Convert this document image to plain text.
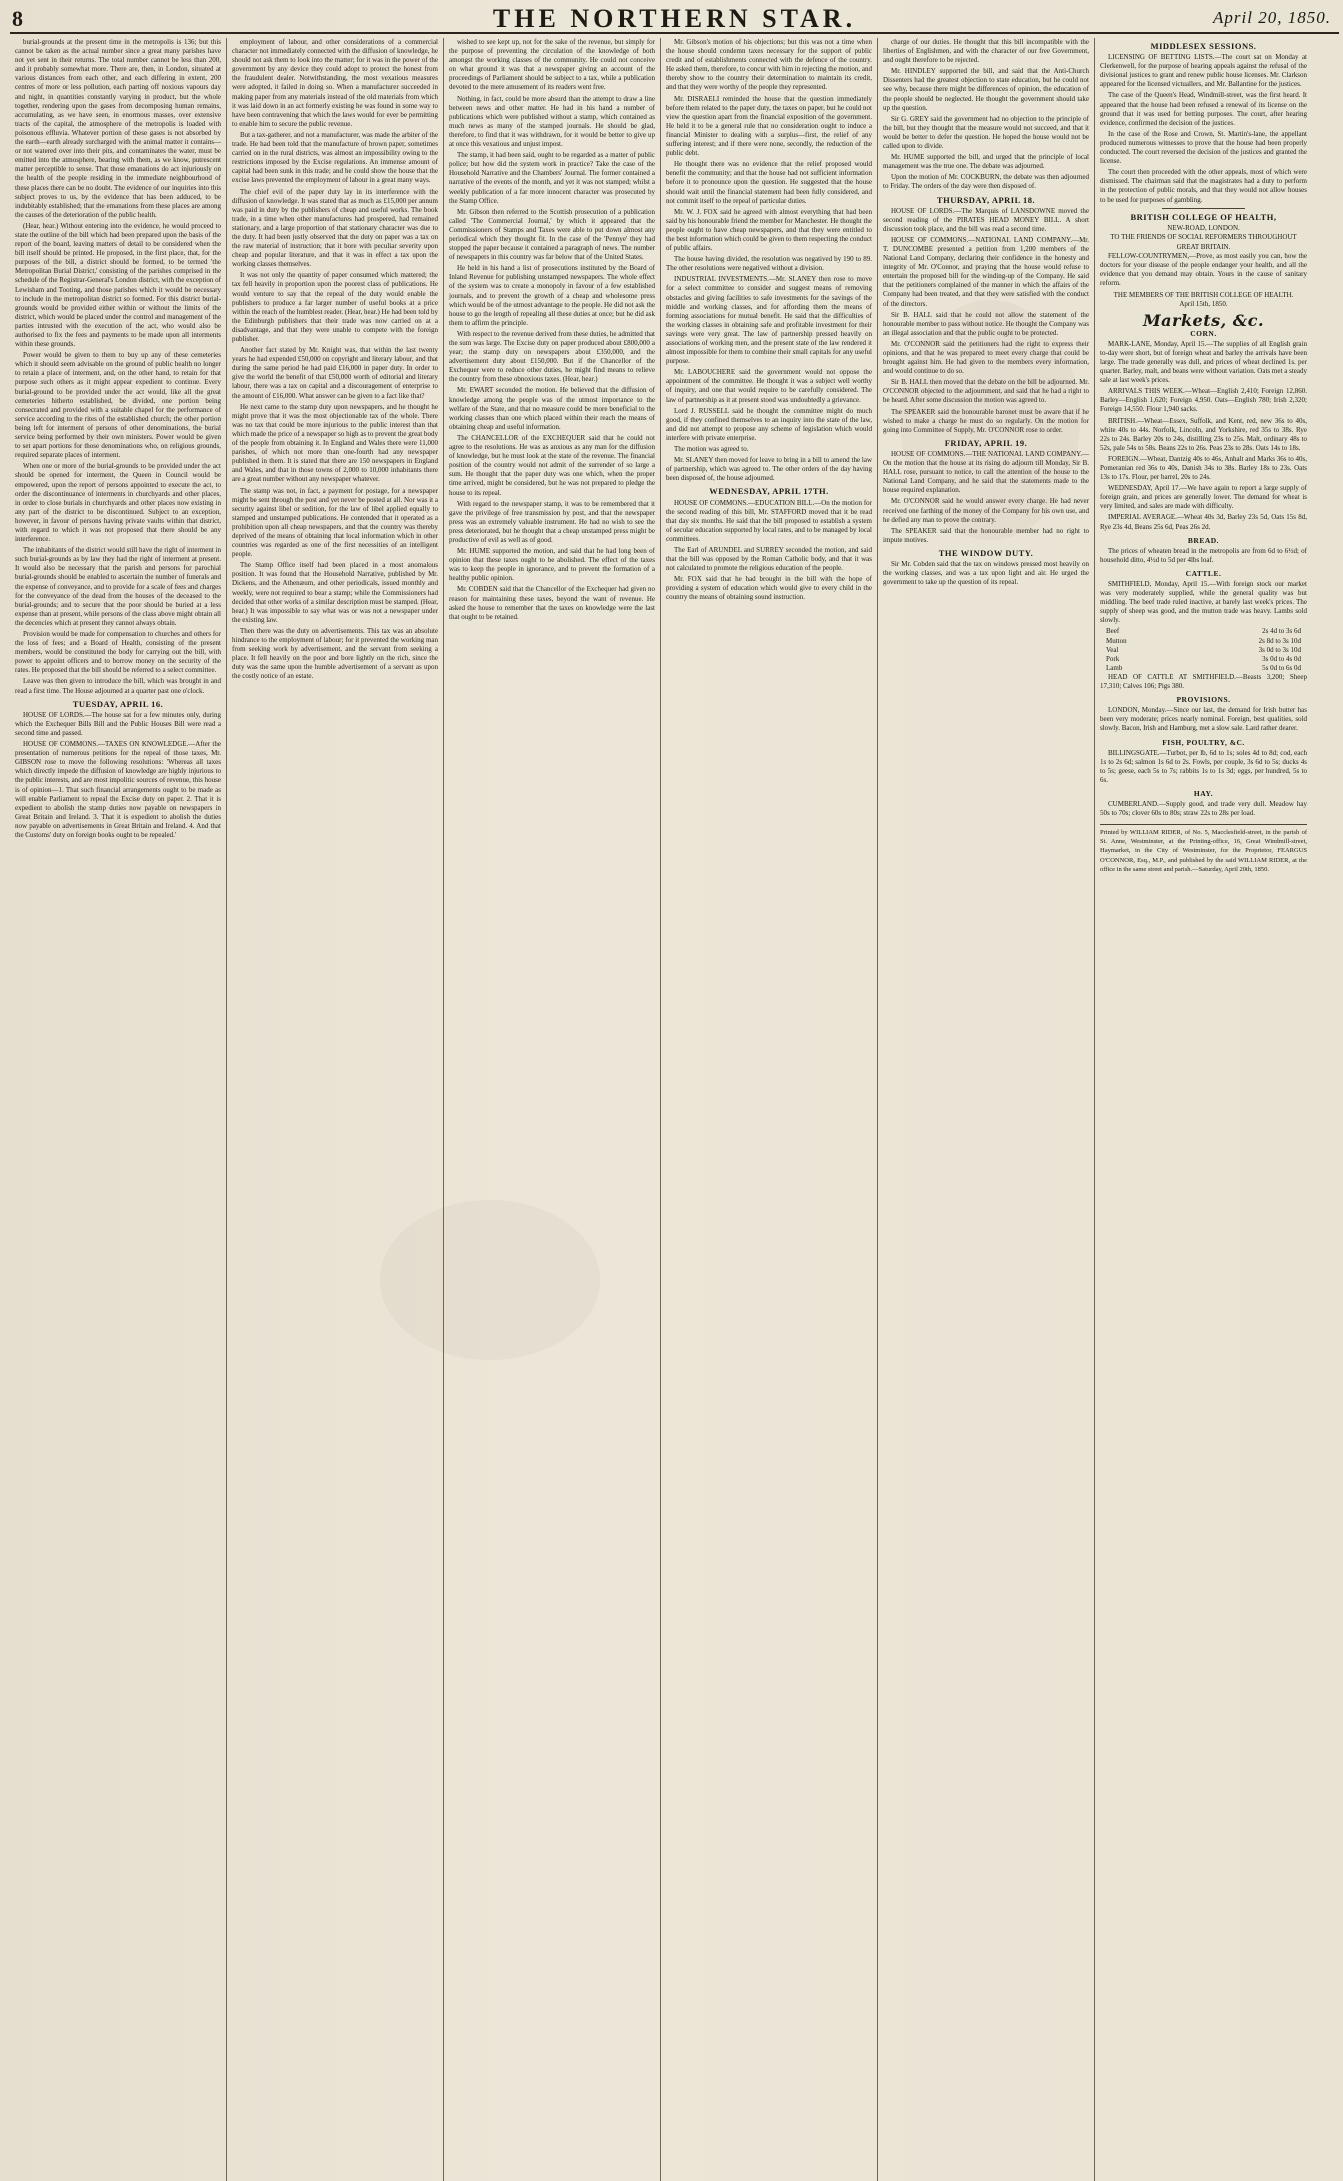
8	THE NORTHERN STAR.	April 20, 1850.

burial-grounds at the present time in the metropolis is 136; but this cannot be taken as the actual number since a great many parishes have not yet sent in their returns. The total number cannot be less than 200, and it probably somewhat more. There are, then, in London, situated at various distances from each other, and each differing in extent, 200 centres of more or less pollution, each parting off noxious vapours day and night, in quantities constantly varying in product, but the whole together, rendering upon the gases from decomposing human remains, accumulating, as we have seen, in enormous masses, over extensive tracts of the capital, the atmosphere of the metropolis is loaded with poisonous effluvia. Whatever portion of these gases is not absorbed by the earth—earth already surcharged with the animal matter it contains—or not watered over into their pits, and contaminates the water, must be emitted into the atmosphere, bearing with them, as we know, putrescent matter perceptible to sense. That those emanations do act injuriously on the health of the people residing in the immediate neighbourhood of these places there can be no doubt. The evidence of our inquiries into this subject proves to us, by the evidence that has been adduced, to be indubitably established; that the emanations from these places are among the causes of the deterioration of the public health.

(Hear, hear.) Without entering into the evidence, he would proceed to state the outline of the bill which had been prepared upon the basis of the report of the board, leaving matters of detail to be considered when the bill itself should be printed. He proposed, in the first place, that, for the purposes of the bill, a district should be formed, to be termed 'the Metropolitan Burial District,' consisting of the parishes comprised in the schedule of the Registrar-General's London district, with the exception of Lewisham and Tooting, and those parishes which it would be necessary to include in the metropolitan district so formed. For this district burial-grounds would be provided either within or without the limits of the district, which would be placed under the control and management of the parties intrusted with the execution of the act, who would also be authorised to fix the fees and payments to be made upon all interments within these grounds.

Power would be given to them to buy up any of these cemeteries which it should seem advisable on the ground of public health no longer to retain a place of interment, and, on the other hand, to retain for that purpose such others as it might appear expedient to continue. Every burial-ground to be provided under the act would, like all the great cemeteries hitherto established, be divided, one portion being consecrated and provided with a suitable chapel for the performance of service according to the rites of the established church; the other portion being left for interment of persons of other denominations, the burial service being performed by their own ministers. Power would be given to set apart portions for those denominations who, on religious grounds, required separate places of interment.

When one or more of the burial-grounds to be provided under the act should be opened for interment, the Queen in Council would be empowered, upon the report of persons appointed to execute the act, to order the discontinuance of interments in churchyards and other places, in order to close burials in churchyards and other places now existing in any part of the district to be discontinued. Subject to an exception, however, in favour of persons having private vaults within that district, with regard to which it was not proposed that there should be any interference.

The inhabitants of the district would still have the right of interment in such burial-grounds as by law they had the right of interment at present. It would also be necessary that the parish and persons for parochial burial-grounds should be enabled to ascertain the number of funerals and the expense of conveyance, and to provide for a scale of fees and charges for the conveyance of the dead from the houses of the deceased to the burial-grounds; and to secure that the poor should be buried at a less expense than at present, while persons of the class above might obtain all the decencies which at present they cannot always obtain.

Provision would be made for compensation to churches and others for the loss of fees; and a Board of Health, consisting of the present members, would be constituted the body for carrying out the bill, with power to appoint officers and to borrow money on the security of the rates. He proposed that the bill should be referred to a select committee.

Leave was then given to introduce the bill, which was brought in and read a first time. The House adjourned at a quarter past one o'clock.

TUESDAY, APRIL 16.

HOUSE OF LORDS.—The house sat for a few minutes only, during which the Exchequer Bills Bill and the Public Houses Bill were read a second time and passed.

HOUSE OF COMMONS.—TAXES ON KNOWLEDGE.—After the presentation of numerous petitions for the repeal of those taxes, Mr. GIBSON rose to move the following resolutions: 'Whereas all taxes which directly impede the diffusion of knowledge are highly injurious to the public interests, and are most impolitic sources of revenue, this house is of opinion—1. That such financial arrangements ought to be made as will enable Parliament to repeal the Excise duty on paper. 2. That it is expedient to abolish the stamp duties now payable on newspapers in Great Britain and Ireland. 3. That it is expedient to abolish the duties now payable on advertisements in Great Britain and Ireland. 4. And that the Customs' duty on foreign books ought to be repealed.'

employment of labour, and other considerations of a commercial character not immediately connected with the diffusion of knowledge, he should not ask them to look into the matter; for it was in the power of the government by any device they could adopt to protect the honest from the fraudulent dealer. Notwithstanding, the most vexatious measures were adopted, it failed in doing so. When a manufacturer succeeded in making paper from any materials instead of the old materials from which it was laid down in an act formerly existing he was found in some way to have been contravening that which the laws would for ever be permitting to enable him to secure the public revenue.

But a tax-gatherer, and not a manufacturer, was made the arbiter of the trade. He had been told that the manufacture of brown paper, sometimes carried on in the rural districts, was almost an impossibility owing to the restrictions imposed by the Excise regulations. An immense amount of capital had been sunk in this trade; and he could show the house that the excise laws prevented the employment of labour in a great many ways.

The chief evil of the paper duty lay in its interference with the diffusion of knowledge. It was stated that as much as £15,000 per annum was paid in duty by the publishers of cheap and useful works. The book trade, in a time when other manufactures had prospered, had remained stationary, and a large proportion of that stationary character was due to the duty. It had been justly observed that the duty on paper was a tax on the raw material of instruction; that it bore with peculiar severity upon cheap and popular literature, and that it was in effect a tax upon the working classes themselves.

It was not only the quantity of paper consumed which mattered; the tax fell heavily in proportion upon the poorest class of publications. He would venture to say that the repeal of the duty would enable the publishers to produce a far larger number of useful books at a price within the reach of the humblest reader. (Hear, hear.) He had been told by the Edinburgh publishers that their trade was now carried on at a disadvantage, and that they were unable to compete with the foreign publisher.

Another fact stated by Mr. Knight was, that within the last twenty years he had expended £50,000 on copyright and literary labour, and that during the same period he had paid £16,000 in paper duty. In order to give the world the benefit of that £50,000 worth of editorial and literary labour, there was a tax on capital and a discouragement of enterprise to the amount of £16,000. What answer can be given to a fact like that?

He next came to the stamp duty upon newspapers, and he thought he might prove that it was the most objectionable tax of the whole. There was no tax that could be more injurious to the public interest than that which made the price of a newspaper so high as to prevent the great body of the people from obtaining it. In England and Wales there were 11,000 parishes, of which not more than one-fourth had any newspaper published in them. It is stated that there are 150 newspapers in England and Wales, and that in those towns of 2,000 to 10,000 inhabitants there are a great number without any newspaper whatever.

The stamp was not, in fact, a payment for postage, for a newspaper might be sent through the post and yet never be posted at all. Nor was it a security against libel or sedition, for the law of libel applied equally to stamped and unstamped publications. He contended that it operated as a prohibition upon all cheap newspapers, and that the country was thereby deprived of the means of obtaining that local information which in other countries was regarded as one of the first necessities of an intelligent people.

The Stamp Office itself had been placed in a most anomalous position. It was found that the Household Narrative, published by Mr. Dickens, and the Athenæum, and other periodicals, issued monthly and weekly, were not required to bear a stamp; while the Commissioners had decided that other works of a similar description must be stamped. (Hear, hear.) It was impossible to say what was or was not a newspaper under the existing law.

Then there was the duty on advertisements. This tax was an absolute hindrance to the employment of labour; for it prevented the working man from seeking work by advertisement, and the servant from seeking a place. It fell heavily on the poor and bore lightly on the rich, since the duty was the same upon the humble advertisement of a servant as upon the costly notice of an estate.

wished to see kept up, not for the sake of the revenue, but simply for the purpose of preventing the circulation of the knowledge of both amongst the working classes of the community. He could not conceive on what ground it was that a newspaper giving an account of the proceedings of Parliament should be subject to a tax, while a publication devoted to the mere amusement of its readers went free.

Nothing, in fact, could be more absurd than the attempt to draw a line between news and other matter. He had in his hand a number of publications which were published without a stamp, which contained as much news as many of the stamped journals. He should be glad, therefore, to find that it was withdrawn, for it would be better to give up at once this vexatious and unjust impost.

The stamp, it had been said, ought to be regarded as a matter of public police; but how did the system work in practice? Take the case of the Household Narrative and the Chambers' Journal. The former contained a narrative of the events of the month, and yet it was not stamped; whilst a weekly publication of a far more innocent character was prosecuted by the Stamp Office.

Mr. Gibson then referred to the Scottish prosecution of a publication called 'The Commercial Journal,' by which it appeared that the Commissioners of Stamps and Taxes were able to put down almost any periodical which they thought fit. In the case of the 'Pennye' they had stopped the paper because it contained a paragraph of news. The number of newspapers in this country was far below that of the United States.

He held in his hand a list of prosecutions instituted by the Board of Inland Revenue for publishing unstamped newspapers. The whole effect of the system was to create a monopoly in favour of a few established journals, and to prevent the growth of a cheap and wholesome press which would be of the utmost advantage to the people. He did not ask the house to go the length of repealing all these duties at once; but he did ask them to affirm the principle.

With respect to the revenue derived from these duties, he admitted that the sum was large. The Excise duty on paper produced about £800,000 a year; the stamp duty on newspapers about £350,000, and the advertisement duty about £150,000. But if the Chancellor of the Exchequer were to reduce other duties, he might find means to relieve the country from these obnoxious taxes. (Hear, hear.)

Mr. EWART seconded the motion. He believed that the diffusion of knowledge among the people was of the utmost importance to the welfare of the State, and that no measure could be more beneficial to the working classes than one which placed within their reach the means of obtaining cheap and useful information.

The CHANCELLOR of the EXCHEQUER said that he could not agree to the resolutions. He was as anxious as any man for the diffusion of knowledge, but he must look at the state of the revenue. The financial position of the country would not admit of the surrender of so large a sum. He thought that the paper duty was one which, when the proper time arrived, might be considered, but he was not prepared to pledge the house to its repeal.

With regard to the newspaper stamp, it was to be remembered that it gave the privilege of free transmission by post, and that the newspaper press was an extremely valuable instrument. He had no wish to see the press deteriorated, but he thought that a cheap unstamped press might be productive of evil as well as of good.

Mr. HUME supported the motion, and said that he had long been of opinion that these taxes ought to be abolished. The effect of the taxes was to keep the people in ignorance, and to prevent the formation of a healthy public opinion.

Mr. COBDEN said that the Chancellor of the Exchequer had given no reason for maintaining these taxes, beyond the want of revenue. He asked the house to remember that the taxes on knowledge were the last that ought to be retained.

Mr. Gibson's motion of his objections; but this was not a time when the house should condemn taxes necessary for the support of public credit and of establishments connected with the defence of the country. He asked them, therefore, to concur with him in rejecting the motion, and thereby show to the country their determination to maintain its credit, and that they were worthy of the people they represented.

Mr. DISRAELI reminded the house that the question immediately before them related to the paper duty, the taxes on paper, but he could not view the question apart from the financial exposition of the government. He held it to be a general rule that no consideration ought to induce a financial Minister to dealing with a surplus—first, the relief of any suffering interest; and if there were none, secondly, the reduction of the public debt.

He thought there was no evidence that the relief proposed would benefit the community; and that the house had not sufficient information before it to pronounce upon the question. He suggested that the house should wait until the financial statement had been fully considered, and not commit itself to the repeal of particular duties.

Mr. W. J. FOX said he agreed with almost everything that had been said by his honourable friend the member for Manchester. He thought the people ought to have cheap newspapers, and that they were entitled to the best information which could be given to them respecting the conduct of public affairs.

The house having divided, the resolution was negatived by 190 to 89. The other resolutions were negatived without a division.

INDUSTRIAL INVESTMENTS.—Mr. SLANEY then rose to move for a select committee to consider and suggest means of removing obstacles and giving facilities to safe investments for the savings of the middle and working classes, and for affording them the means of forming associations for mutual benefit. He said that the difficulties of the working classes in obtaining safe and profitable investment for their savings were very great. The law of partnership pressed heavily on associations of working men, and the present state of the law rendered it almost impossible for them to combine their small capitals for any useful purpose.

Mr. LABOUCHERE said the government would not oppose the appointment of the committee. He thought it was a subject well worthy of inquiry, and one that would require to be carefully considered. The law of partnership as it at present stood was undoubtedly a grievance.

Lord J. RUSSELL said he thought the committee might do much good, if they confined themselves to an inquiry into the state of the law, and did not attempt to propose any scheme of legislation which would interfere with private enterprise.

The motion was agreed to.

Mr. SLANEY then moved for leave to bring in a bill to amend the law of partnership, which was agreed to. The other orders of the day having been disposed of, the house adjourned.

WEDNESDAY, APRIL 17TH.

HOUSE OF COMMONS.—EDUCATION BILL.—On the motion for the second reading of this bill, Mr. STAFFORD moved that it be read that day six months. He said that the bill proposed to establish a system of secular education supported by local rates, and to be managed by local committees.

The Earl of ARUNDEL and SURREY seconded the motion, and said that the bill was opposed by the Roman Catholic body, and that it was not calculated to promote the religious education of the people.

Mr. FOX said that he had brought in the bill with the hope of providing a system of education which would give to every child in the country the means of obtaining sound instruction.

charge of our duties. He thought that this bill incompatible with the liberties of Englishmen, and with the character of our free Government, and ought therefore to be rejected.

Mr. HINDLEY supported the bill, and said that the Anti-Church Dissenters had the greatest objection to state education, but he could not see why, because there might be differences of opinion, the education of the people should be neglected. He thought the government should take up the question.

Sir G. GREY said the government had no objection to the principle of the bill, but they thought that the measure would not succeed, and that it would be better to defer the question. He hoped the house would not be called upon to divide.

Mr. HUME supported the bill, and urged that the principle of local management was the true one. The debate was adjourned.

Upon the motion of Mr. COCKBURN, the debate was then adjourned to Friday. The orders of the day were then disposed of.

THURSDAY, APRIL 18.

HOUSE OF LORDS.—The Marquis of LANSDOWNE moved the second reading of the PIRATES HEAD MONEY BILL. A short discussion took place, and the bill was read a second time.

HOUSE OF COMMONS.—NATIONAL LAND COMPANY.—Mr. T. DUNCOMBE presented a petition from 1,200 members of the National Land Company, declaring their confidence in the honesty and integrity of Mr. O'Connor, and praying that the house would refuse to entertain the proposed bill for the winding-up of the Company. He said that the petitioners complained of the manner in which the affairs of the Company had been treated, and that they were satisfied with the conduct of the directors.

Sir B. HALL said that he could not allow the statement of the honourable member to pass without notice. He thought the Company was an illegal association and that the public ought to be protected.

Mr. O'CONNOR said the petitioners had the right to express their opinions, and that he was prepared to meet every charge that could be brought against him. He had given to the members every information, and would continue to do so.

Sir B. HALL then moved that the debate on the bill be adjourned. Mr. O'CONNOR objected to the adjournment, and said that he had a right to be heard. After some discussion the motion was agreed to.

The SPEAKER said the honourable baronet must be aware that if he wished to make a charge he must do so regularly. On the motion for going into Committee of Supply, Mr. O'CONNOR rose to order.

FRIDAY, APRIL 19.

HOUSE OF COMMONS.—THE NATIONAL LAND COMPANY.—On the motion that the house at its rising do adjourn till Monday, Sir B. HALL rose, pursuant to notice, to call the attention of the house to the National Land Company, and he said that the statements made to the house required explanation.

Mr. O'CONNOR said he would answer every charge. He had never received one farthing of the money of the Company for his own use, and he defied any man to prove the contrary.

The SPEAKER said that the honourable member had no right to impute motives.

THE WINDOW DUTY.

Sir Mr. Cobden said that the tax on windows pressed most heavily on the working classes, and was a tax upon light and air. He urged the government to take up the question of its repeal.

MIDDLESEX SESSIONS.

LICENSING OF BETTING LISTS.—The court sat on Monday at Clerkenwell, for the purpose of hearing appeals against the refusal of the divisional justices to grant and renew public house licenses. Mr. Clarkson appeared for the licensed victuallers, and Mr. Ballantine for the justices.

The case of the Queen's Head, Windmill-street, was the first heard. It appeared that the house had been refused a renewal of its license on the ground that it was used for betting purposes. The court, after hearing evidence, confirmed the decision of the justices.

In the case of the Rose and Crown, St. Martin's-lane, the appellant produced numerous witnesses to prove that the house had been properly conducted. The court reversed the decision of the justices and granted the license.

The court then proceeded with the other appeals, most of which were dismissed. The chairman said that the magistrates had a duty to perform in the protection of public morals, and that they would not allow houses to be used for purposes of gambling.

BRITISH COLLEGE OF HEALTH,
NEW-ROAD, LONDON.
TO THE FRIENDS OF SOCIAL REFORMERS THROUGHOUT GREAT BRITAIN.

FELLOW-COUNTRYMEN,—Prove, as most easily you can, how the doctors for your disease of the people endanger your health, and all the evidence that you demand may obtain. Yours in the cause of sanitary reform.

THE MEMBERS OF THE BRITISH COLLEGE OF HEALTH.
April 15th, 1850.
Markets, &c.
CORN.

MARK-LANE, Monday, April 15.—The supplies of all English grain to-day were short, but of foreign wheat and barley the arrivals have been large. The trade generally was dull, and prices of wheat declined 1s. per quarter. Barley, malt, and beans were without variation. Oats met a steady sale at last week's prices.

ARRIVALS THIS WEEK.—Wheat—English 2,410; Foreign 12,860. Barley—English 1,620; Foreign 4,950. Oats—English 780; Irish 2,320; Foreign 14,550. Flour 1,940 sacks.

BRITISH.—Wheat—Essex, Suffolk, and Kent, red, new 36s to 40s, white 40s to 44s. Norfolk, Lincoln, and Yorkshire, red 35s to 38s. Rye 22s to 24s. Barley 20s to 24s, distilling 23s to 25s. Malt, ordinary 48s to 52s, pale 54s to 58s. Beans 22s to 26s. Peas 23s to 28s. Oats 14s to 18s.

FOREIGN.—Wheat, Dantzig 40s to 46s, Anhalt and Marks 36s to 40s, Pomeranian red 36s to 40s, Danish 34s to 38s. Barley 18s to 23s. Oats 13s to 17s. Flour, per barrel, 20s to 24s.

WEDNESDAY, April 17.—We have again to report a large supply of foreign grain, and prices are generally lower. The demand for wheat is very limited, and sales are made with difficulty.

IMPERIAL AVERAGE.—Wheat 40s 3d, Barley 23s 5d, Oats 15s 8d, Rye 23s 4d, Beans 25s 6d, Peas 26s 2d.

BREAD.

The prices of wheaten bread in the metropolis are from 6d to 6½d; of household ditto, 4½d to 5d per 4lbs loaf.

CATTLE.

SMITHFIELD, Monday, April 15.—With foreign stock our market was very moderately supplied, while the general quality was but middling. The beef trade ruled inactive, at barely last week's prices. The supply of sheep was good, and the mutton trade was heavy. Lambs sold slowly.

Beef	2s 4d to 3s 6d
Mutton	2s 8d to 3s 10d
Veal	3s 0d to 3s 10d
Pork	3s 0d to 4s 0d
Lamb	5s 0d to 6s 0d

HEAD OF CATTLE AT SMITHFIELD.—Beasts 3,200; Sheep 17,310; Calves 106; Pigs 380.

PROVISIONS.

LONDON, Monday.—Since our last, the demand for Irish butter has been very moderate; prices nearly nominal. Foreign, best qualities, sold slowly. Bacon, Irish and Hamburg, met a slow sale. Lard rather dearer.

FISH, POULTRY, &C.

BILLINGSGATE.—Turbot, per lb, 6d to 1s; soles 4d to 8d; cod, each 1s to 2s 6d; salmon 1s 6d to 2s. Fowls, per couple, 3s 6d to 5s; ducks 4s to 5s; geese, each 5s to 7s; rabbits 1s to 1s 3d; eggs, per hundred, 5s to 6s.

HAY.

CUMBERLAND.—Supply good, and trade very dull. Meadow hay 50s to 70s; clover 60s to 80s; straw 22s to 28s per load.

Printed by WILLIAM RIDER, of No. 5, Macclesfield-street, in the parish of St. Anne, Westminster, at the Printing-office, 16, Great Windmill-street, Haymarket, in the City of Westminster, for the Proprietor, FEARGUS O'CONNOR, Esq., M.P., and published by the said WILLIAM RIDER, at the office in the same street and parish.—Saturday, April 20th, 1850.
